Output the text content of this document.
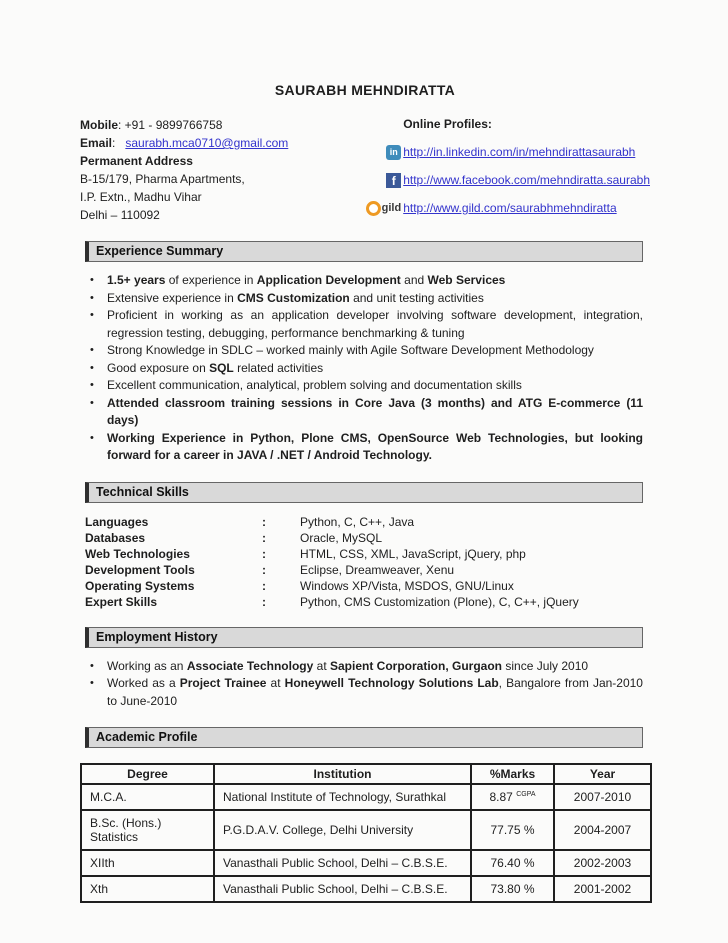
SAURABH MEHNDIRATTA
Mobile: +91 - 9899766758
Email:   saurabh.mca0710@gmail.com
Permanent Address
B-15/179, Pharma Apartments,
I.P. Extn., Madhu Vihar
Delhi – 110092
Online Profiles:
in http://in.linkedin.com/in/mehndirattasaurabh
f http://www.facebook.com/mehndiratta.saurabh
gild http://www.gild.com/saurabhmehndiratta
Experience Summary
•	1.5+ years of experience in Application Development and Web Services
•	Extensive experience in CMS Customization and unit testing activities
•	Proficient in working as an application developer involving software development, integration, regression testing, debugging, performance benchmarking & tuning
•	Strong Knowledge in SDLC – worked mainly with Agile Software Development Methodology
•	Good exposure on SQL related activities
•	Excellent communication, analytical, problem solving and documentation skills
•	Attended classroom training sessions in Core Java (3 months) and ATG E-commerce (11 days)
•	Working Experience in Python, Plone CMS, OpenSource Web Technologies, but looking forward for a career in JAVA / .NET / Android Technology.
Technical Skills
Languages	:	Python, C, C++, Java
Databases	:	Oracle, MySQL
Web Technologies	:	HTML, CSS, XML, JavaScript, jQuery, php
Development Tools	:	Eclipse, Dreamweaver, Xenu
Operating Systems	:	Windows XP/Vista, MSDOS, GNU/Linux
Expert Skills	:	Python, CMS Customization (Plone), C, C++, jQuery
Employment History
•	Working as an Associate Technology at Sapient Corporation, Gurgaon since July 2010
•	Worked as a Project Trainee at Honeywell Technology Solutions Lab, Bangalore from Jan-2010 to June-2010
Academic Profile
Degree	Institution	%Marks	Year
M.C.A.	National Institute of Technology, Surathkal	8.87 $^{CGPA}$	2007-2010
B.Sc. (Hons.) Statistics	P.G.D.A.V. College, Delhi University	77.75 %	2004-2007
XIIth	Vanasthali Public School, Delhi – C.B.S.E.	76.40 %	2002-2003
Xth	Vanasthali Public School, Delhi – C.B.S.E.	73.80 %	2001-2002
